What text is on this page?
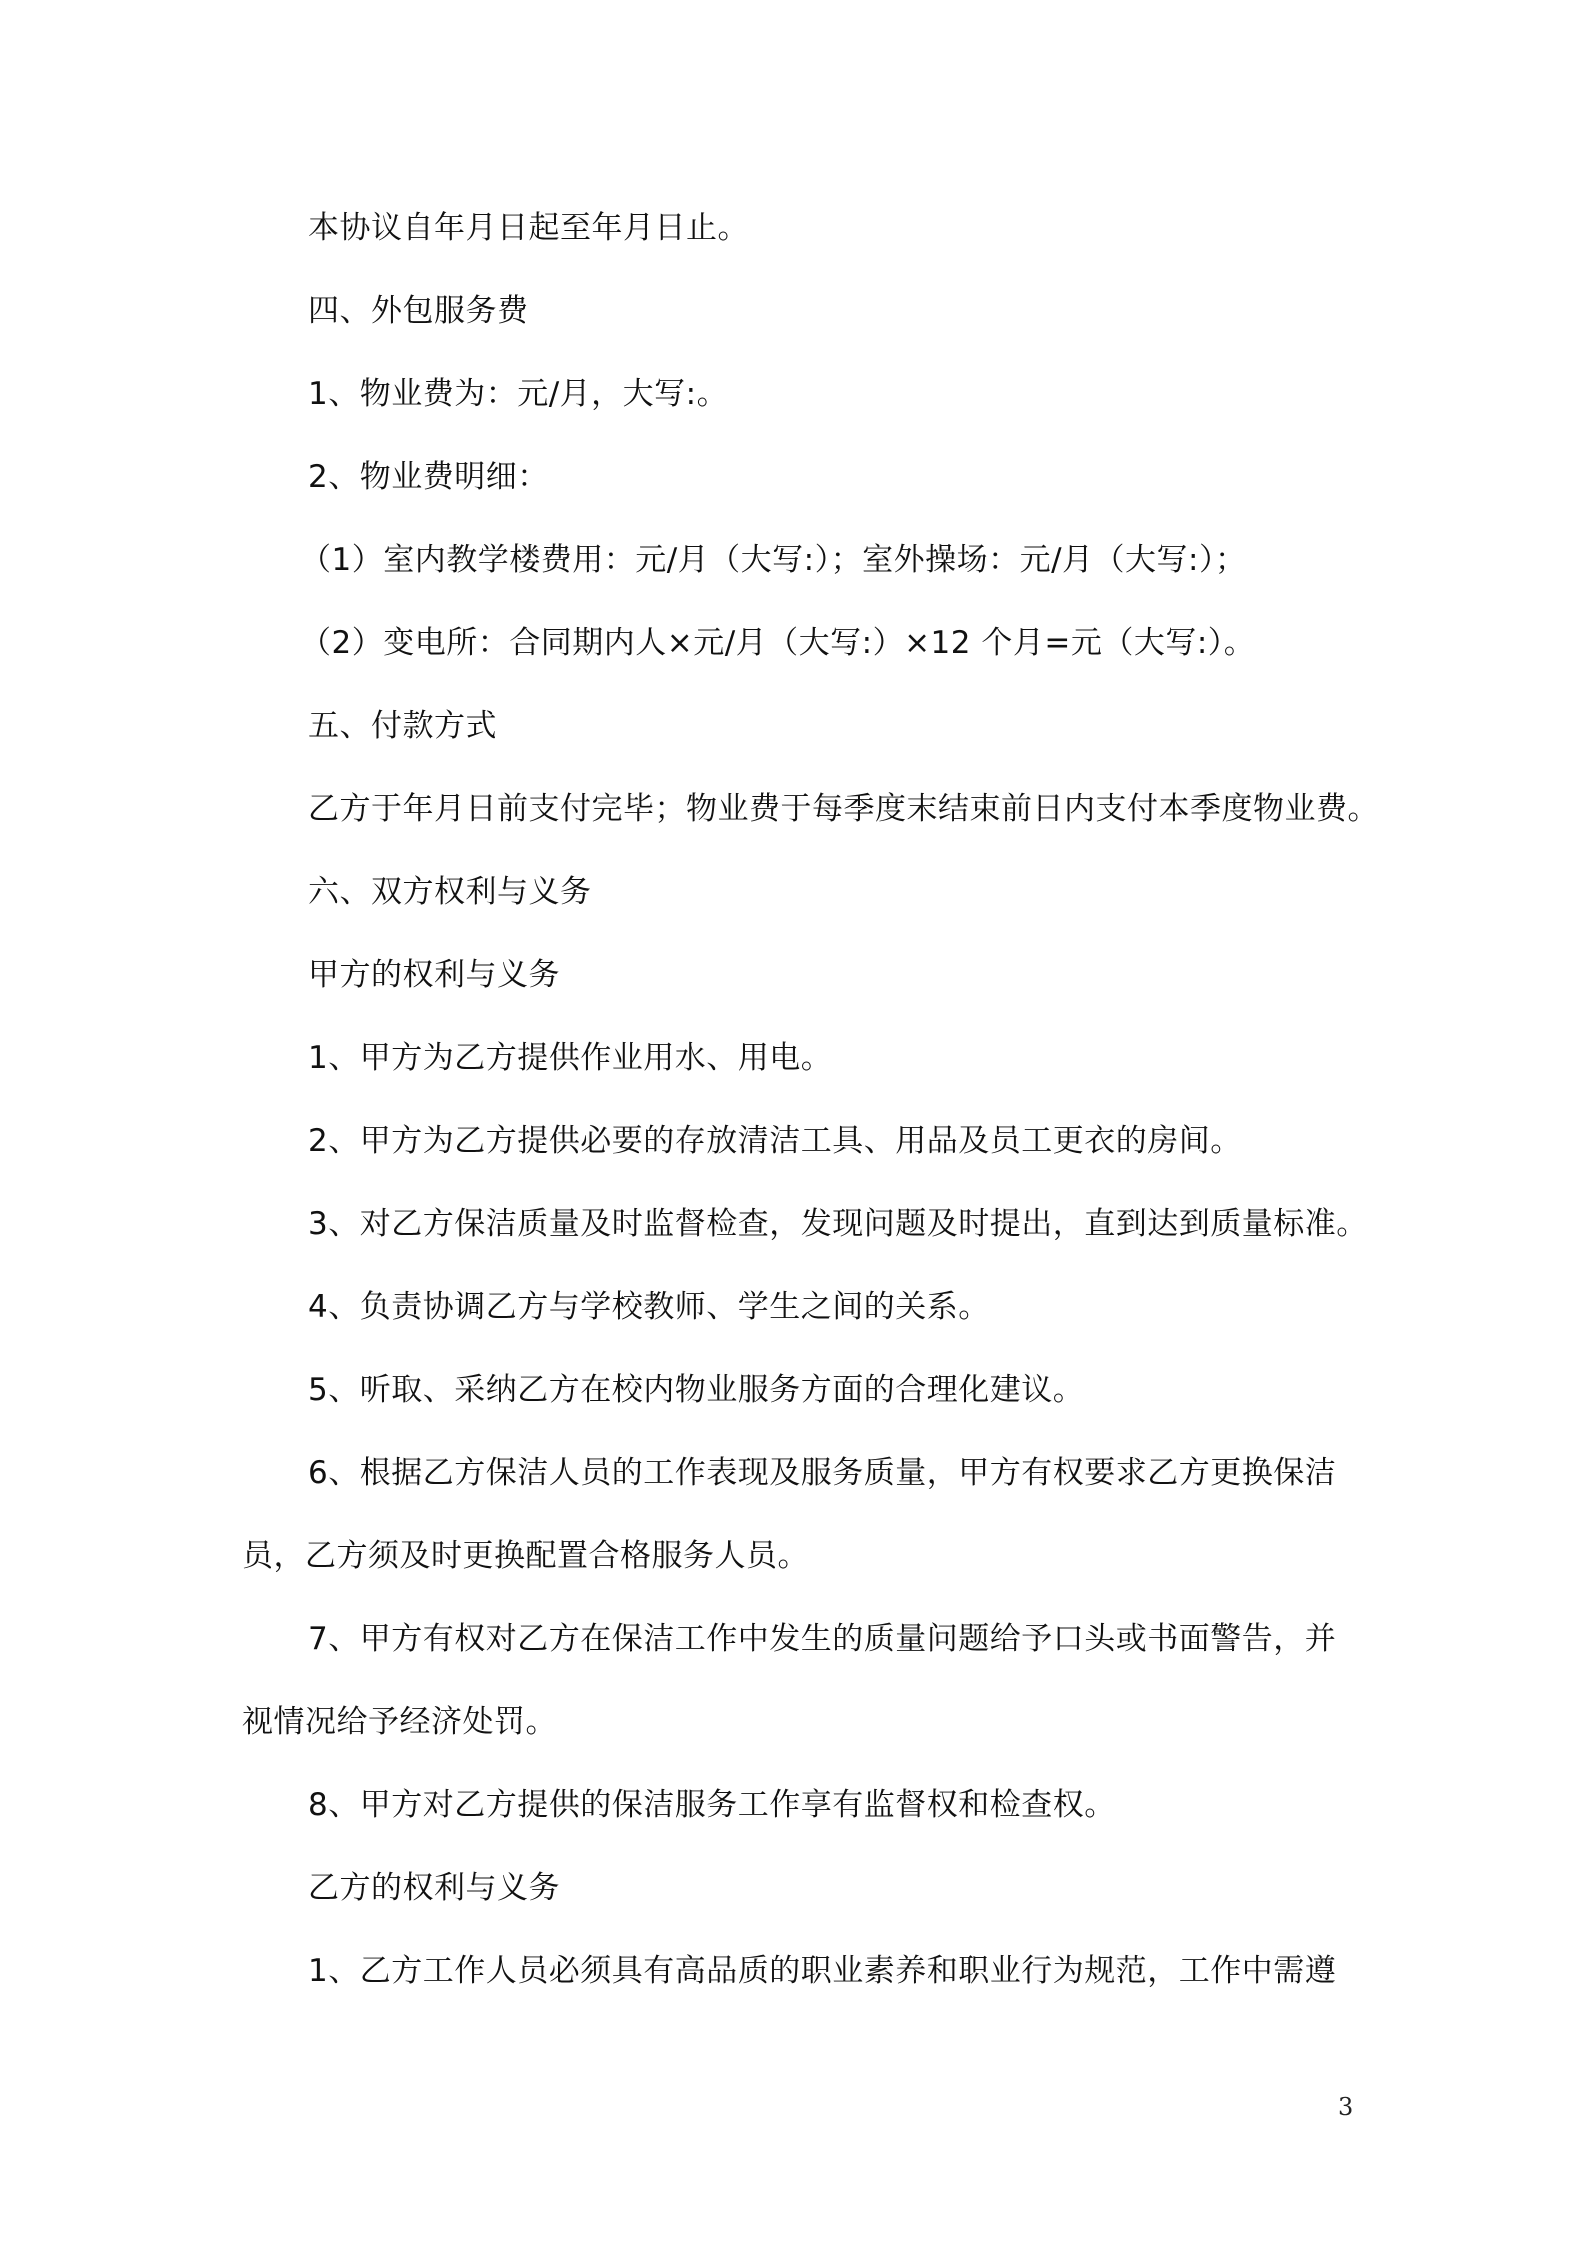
本协议自年月日起至年月日止。
四、外包服务费
1、物业费为：元/月，大写:。
2、物业费明细：
（1）室内教学楼费用：元/月（大写:）；室外操场：元/月（大写:）；
（2）变电所：合同期内人×元/月（大写:）×12 个月=元（大写:）。
五、付款方式
乙方于年月日前支付完毕；物业费于每季度末结束前日内支付本季度物业费。
六、双方权利与义务
甲方的权利与义务
1、甲方为乙方提供作业用水、用电。
2、甲方为乙方提供必要的存放清洁工具、用品及员工更衣的房间。
3、对乙方保洁质量及时监督检查，发现问题及时提出，直到达到质量标准。
4、负责协调乙方与学校教师、学生之间的关系。
5、听取、采纳乙方在校内物业服务方面的合理化建议。
6、根据乙方保洁人员的工作表现及服务质量，甲方有权要求乙方更换保洁
员，乙方须及时更换配置合格服务人员。
7、甲方有权对乙方在保洁工作中发生的质量问题给予口头或书面警告，并
视情况给予经济处罚。
8、甲方对乙方提供的保洁服务工作享有监督权和检查权。
乙方的权利与义务
1、乙方工作人员必须具有高品质的职业素养和职业行为规范，工作中需遵
3
